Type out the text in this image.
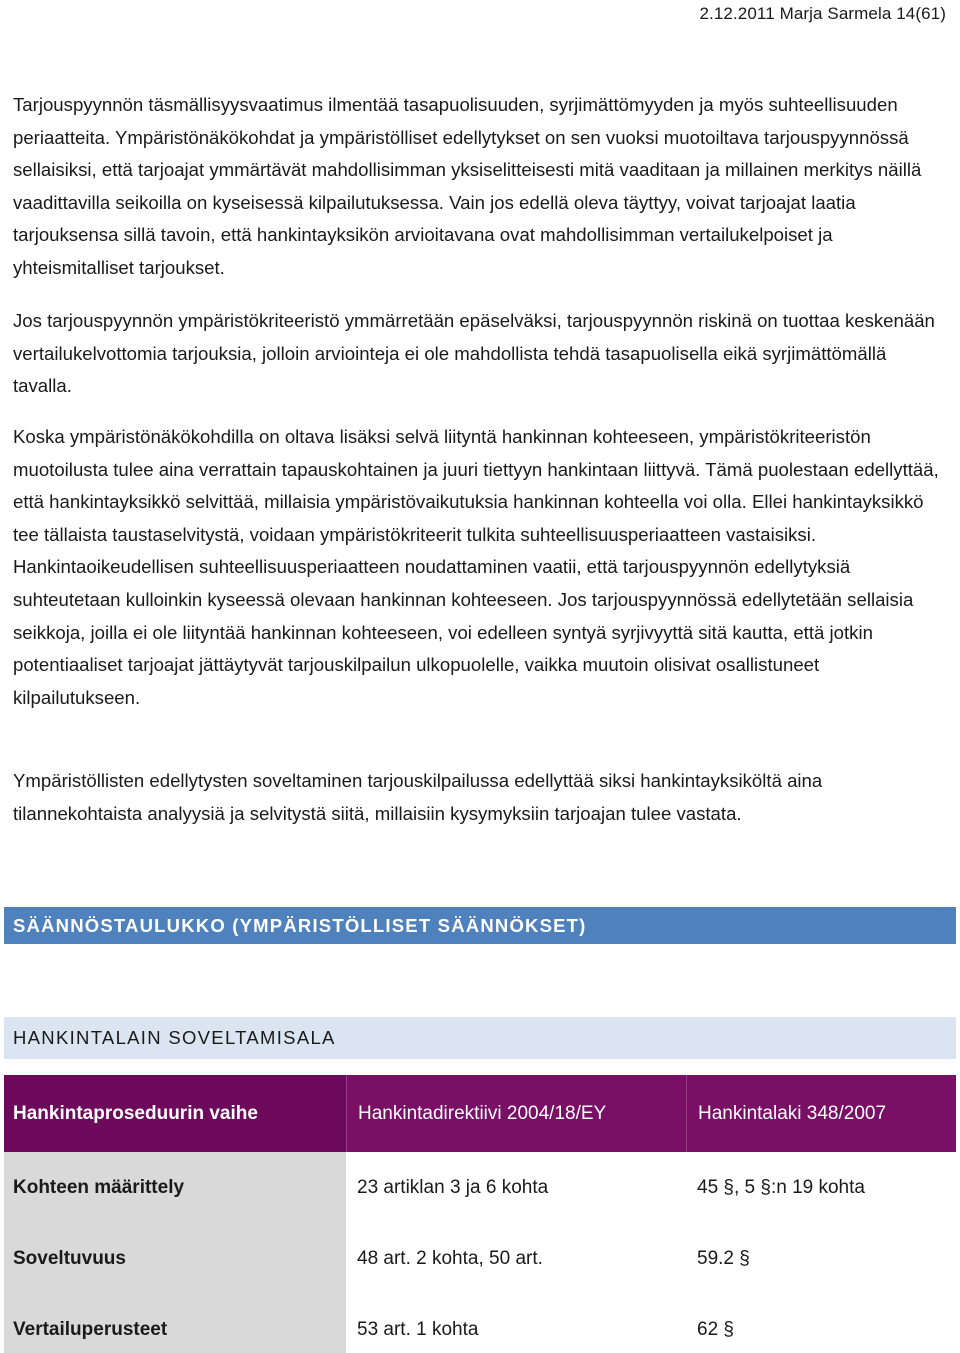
2.12.2011 Marja Sarmela 14(61)

Tarjouspyynnön täsmällisyysvaatimus ilmentää tasapuolisuuden, syrjimättömyyden ja myös suhteellisuuden periaatteita. Ympäristönäkökohdat ja ympäristölliset edellytykset on sen vuoksi muotoiltava tarjouspyynnössä sellaisiksi, että tarjoajat ymmärtävät mahdollisimman yksiselitteisesti mitä vaaditaan ja millainen merkitys näillä vaadittavilla seikoilla on kyseisessä kilpailutuksessa. Vain jos edellä oleva täyttyy, voivat tarjoajat laatia tarjouksensa sillä tavoin, että hankintayksikön arvioitavana ovat mahdollisimman vertailukelpoiset ja yhteismitalliset tarjoukset.

Jos tarjouspyynnön ympäristökriteeristö ymmärretään epäselväksi, tarjouspyynnön riskinä on tuottaa keskenään vertailukelvottomia tarjouksia, jolloin arviointeja ei ole mahdollista tehdä tasapuolisella eikä syrjimättömällä tavalla.

Koska ympäristönäkökohdilla on oltava lisäksi selvä liityntä hankinnan kohteeseen, ympäristökriteeristön muotoilusta tulee aina verrattain tapauskohtainen ja juuri tiettyyn hankintaan liittyvä. Tämä puolestaan edellyttää, että hankintayksikkö selvittää, millaisia ympäristövaikutuksia hankinnan kohteella voi olla. Ellei hankintayksikkö tee tällaista taustaselvitystä, voidaan ympäristökriteerit tulkita suhteellisuusperiaatteen vastaisiksi. Hankintaoikeudellisen suhteellisuusperiaatteen noudattaminen vaatii, että tarjouspyynnön edellytyksiä suhteutetaan kulloinkin kyseessä olevaan hankinnan kohteeseen. Jos tarjouspyynnössä edellytetään sellaisia seikkoja, joilla ei ole liityntää hankinnan kohteeseen, voi edelleen syntyä syrjivyyttä sitä kautta, että jotkin potentiaaliset tarjoajat jättäytyvät tarjouskilpailun ulkopuolelle, vaikka muutoin olisivat osallistuneet kilpailutukseen.

Ympäristöllisten edellytysten soveltaminen tarjouskilpailussa edellyttää siksi hankintayksiköltä aina tilannekohtaista analyysiä ja selvitystä siitä, millaisiin kysymyksiin tarjoajan tulee vastata.

SÄÄNNÖSTAULUKKO (YMPÄRISTÖLLISET SÄÄNNÖKSET)
HANKINTALAIN SOVELTAMISALA
Hankintaproseduurin vaihe	Hankintadirektiivi 2004/18/EY	Hankintalaki 348/2007
Kohteen määrittely	23 artiklan 3 ja 6 kohta	45 §, 5 §:n 19 kohta
Soveltuvuus	48 art. 2 kohta, 50 art.	59.2 §
Vertailuperusteet	53 art. 1 kohta	62 §
